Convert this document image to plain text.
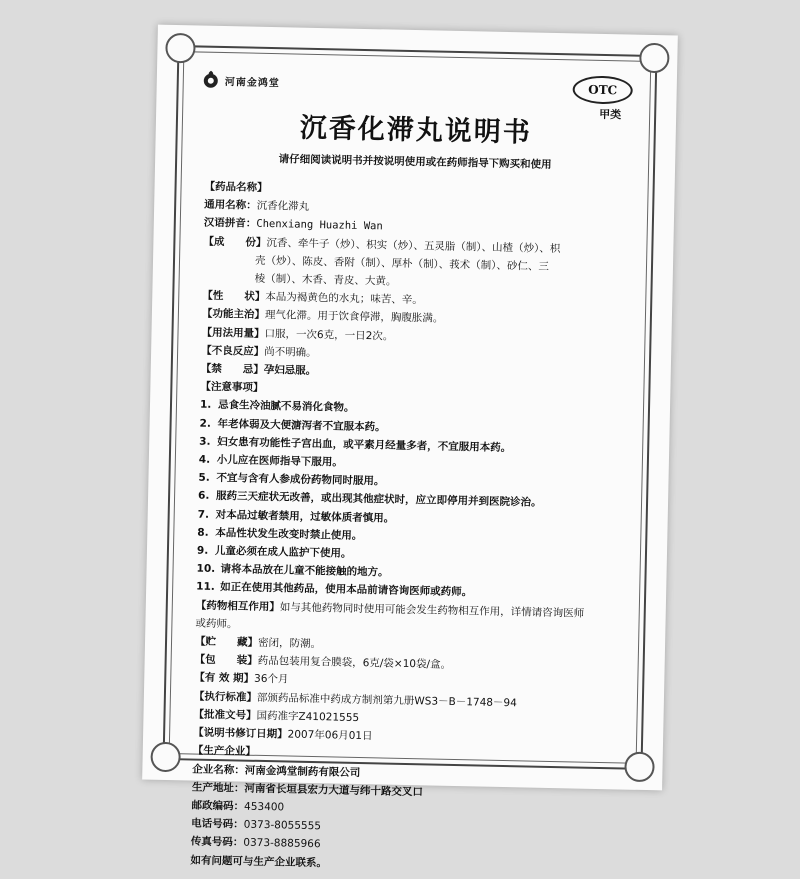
河南金鸿堂
OTC
甲类
沉香化滞丸说明书
请仔细阅读说明书并按说明使用或在药师指导下购买和使用
【药品名称】
通用名称：沉香化滞丸
汉语拼音：Chenxiang Huazhi Wan
【成　　份】沉香、牵牛子（炒）、枳实（炒）、五灵脂（制）、山楂（炒）、枳
壳（炒）、陈皮、香附（制）、厚朴（制）、莪术（制）、砂仁、三
棱（制）、木香、青皮、大黄。
【性　　状】本品为褐黄色的水丸；味苦、辛。
【功能主治】理气化滞。用于饮食停滞，胸腹胀满。
【用法用量】口服，一次6克，一日2次。
【不良反应】尚不明确。
【禁　　忌】孕妇忌服。
【注意事项】
1. 忌食生冷油腻不易消化食物。
2. 年老体弱及大便溏泻者不宜服本药。
3. 妇女患有功能性子宫出血，或平素月经量多者，不宜服用本药。
4. 小儿应在医师指导下服用。
5. 不宜与含有人参成份药物同时服用。
6. 服药三天症状无改善，或出现其他症状时，应立即停用并到医院诊治。
7. 对本品过敏者禁用，过敏体质者慎用。
8. 本品性状发生改变时禁止使用。
9. 儿童必须在成人监护下使用。
10. 请将本品放在儿童不能接触的地方。
11. 如正在使用其他药品，使用本品前请咨询医师或药师。
【药物相互作用】如与其他药物同时使用可能会发生药物相互作用，详情请咨询医师
或药师。
【贮　　藏】密闭，防潮。
【包　　装】药品包装用复合膜袋，6克/袋×10袋/盒。
【有 效 期】36个月
【执行标准】部颁药品标准中药成方制剂第九册WS3－B－1748－94
【批准文号】国药准字Z41021555
【说明书修订日期】2007年06月01日
【生产企业】
企业名称：河南金鸿堂制药有限公司
生产地址：河南省长垣县宏力大道与纬十路交叉口
邮政编码：453400
电话号码：0373-8055555
传真号码：0373-8885966
如有问题可与生产企业联系。
